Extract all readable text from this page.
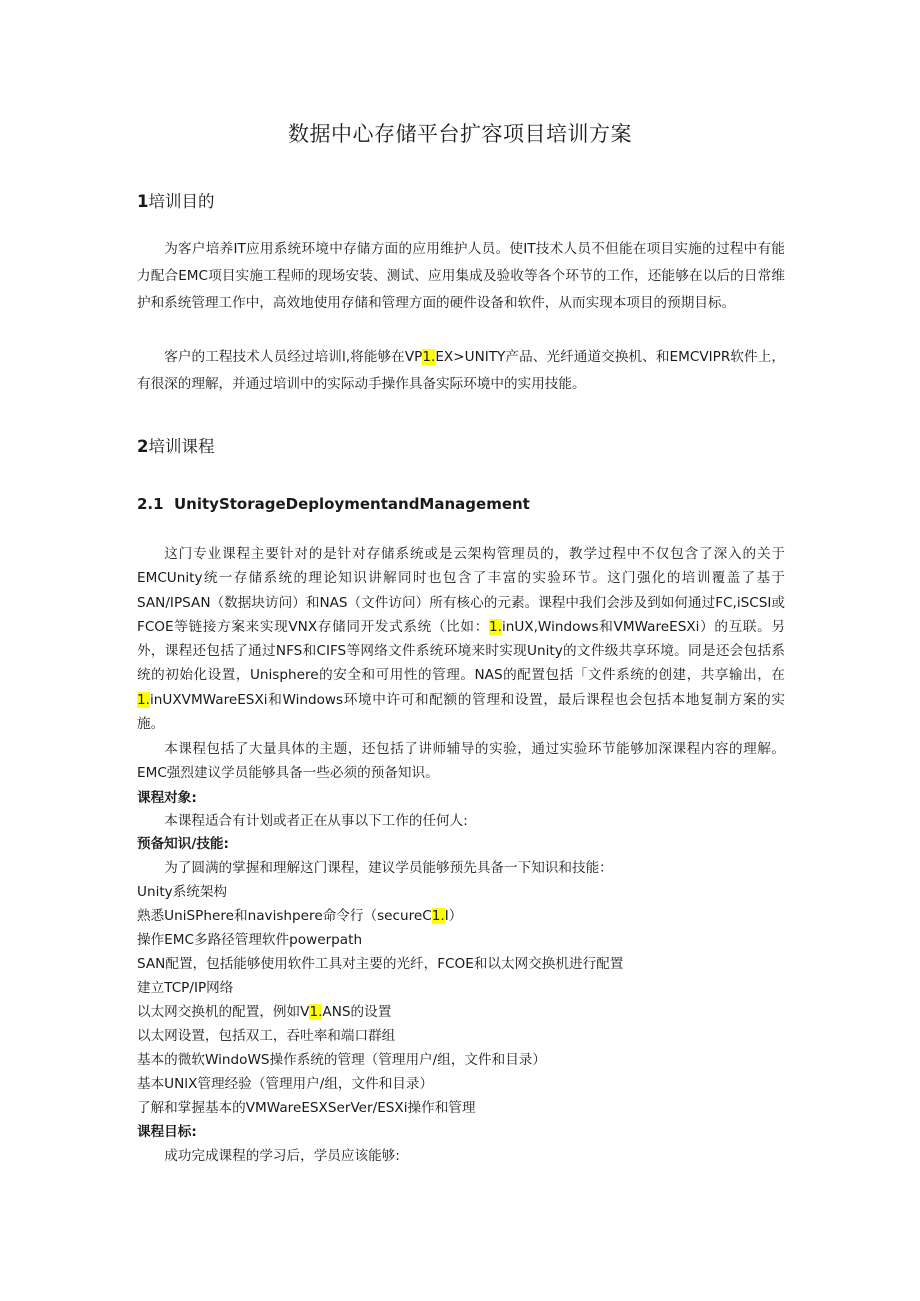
数据中心存储平台扩容项目培训方案
1培训目的
为客户培养IT应用系统环境中存储方面的应用维护人员。使IT技术人员不但能在项目实施的过程中有能力配合EMC项目实施工程师的现场安装、测试、应用集成及验收等各个环节的工作，还能够在以后的日常维护和系统管理工作中，高效地使用存储和管理方面的硬件设备和软件，从而实现本项目的预期目标。
客户的工程技术人员经过培训l,将能够在VP1.EX>UNITY产品、光纤通道交换机、和EMCVIPR软件上，有很深的理解，并通过培训中的实际动手操作具备实际环境中的实用技能。
2培训课程
2.1 UnityStorageDeploymentandManagement
这门专业课程主要针对的是针对存储系统或是云架构管理员的，教学过程中不仅包含了深入的关于EMCUnity统一存储系统的理论知识讲解同时也包含了丰富的实验环节。这门强化的培训覆盖了基于SAN/IPSAN（数据块访问）和NAS（文件访问）所有核心的元素。课程中我们会涉及到如何通过FC,iSCSI或FCOE等链接方案来实现VNX存储同开发式系统（比如：1.inUX,Windows和VMWareESXi）的互联。另外，课程还包括了通过NFS和CIFS等网络文件系统环境来时实现Unity的文件级共享环境。同是还会包括系统的初始化设置，Unisphere的安全和可用性的管理。NAS的配置包括「文件系统的创建，共享输出，在1.inUXVMWareESXi和Windows环境中许可和配额的管理和设置，最后课程也会包括本地复制方案的实施。
本课程包括了大量具体的主题，还包括了讲师辅导的实验，通过实验环节能够加深课程内容的理解。EMC强烈建议学员能够具备一些必须的预备知识。
课程对象:
本课程适合有计划或者正在从事以下工作的任何人:
预备知识/技能:
为了圆满的掌握和理解这门课程，建议学员能够预先具备一下知识和技能：
Unity系统架构
熟悉UniSPhere和navishpere命令行（secureC1.I）
操作EMC多路径管理软件powerpath
SAN配置，包括能够使用软件工具对主要的光纤，FCOE和以太网交换机进行配置
建立TCP/IP网络
以太网交换机的配置，例如V1.ANS的设置
以太网设置，包括双工，吞吐率和端口群组
基本的微软WindoWS操作系统的管理（管理用户/组，文件和目录）
基本UNlX管理经验（管理用户/组，文件和目录）
了解和掌握基本的VMWareESXSerVer/ESXi操作和管理
课程目标:
成功完成课程的学习后，学员应该能够:
